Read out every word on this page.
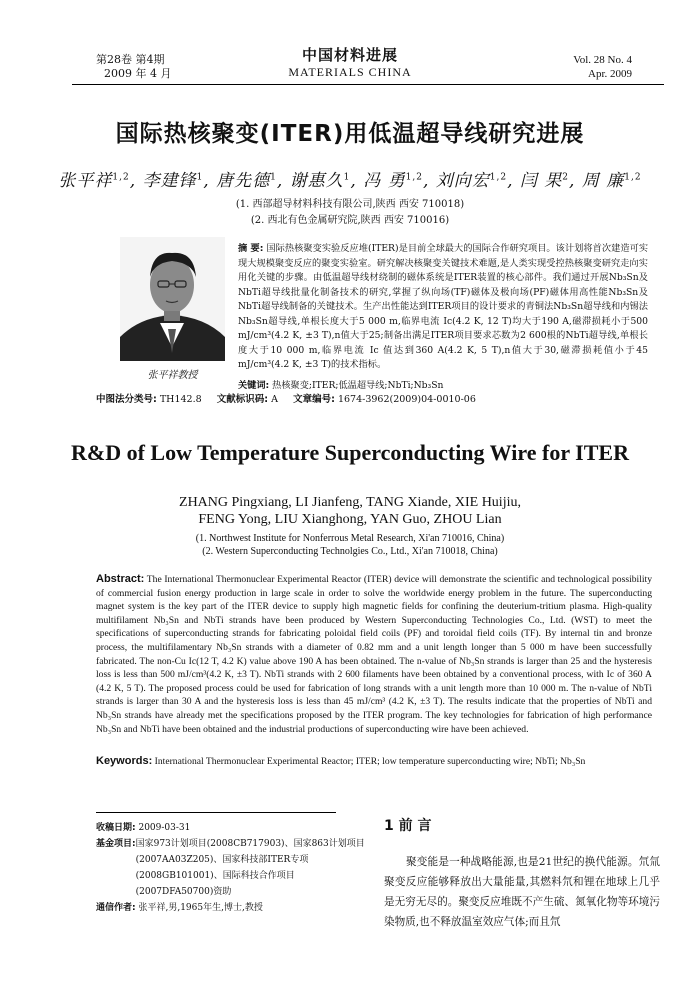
第28卷 第4期
2009 年 4 月
中国材料进展
MATERIALS CHINA
Vol. 28 No. 4
Apr. 2009
国际热核聚变(ITER)用低温超导线研究进展
张平祥$^{1,2}$, 李建锋$^1$, 唐先德$^1$, 谢惠久$^1$, 冯 勇$^{1,2}$, 刘向宏$^{1,2}$, 闫 果$^2$, 周 廉$^{1,2}$
(1. 西部超导材料科技有限公司,陕西 西安 710018)
(2. 西北有色金属研究院,陕西 西安 710016)
张平祥教授
摘 要: 国际热核聚变实验反应堆(ITER)是目前全球最大的国际合作研究项目。该计划将首次建造可实现大规模聚变反应的聚变实验室。研究解决核聚变关键技术难题,是人类实现受控热核聚变研究走向实用化关键的步骤。由低温超导线材绕制的磁体系统是ITER装置的核心部件。我们通过开展Nb₃Sn及NbTi超导线批量化制备技术的研究,掌握了纵向场(TF)磁体及极向场(PF)磁体用高性能Nb₃Sn及NbTi超导线制备的关键技术。生产出性能达到ITER项目的设计要求的青铜法Nb₃Sn超导线和内锡法Nb₃Sn超导线,单根长度大于5 000 m,临界电流 Ic(4.2 K, 12 T)均大于190 A,磁滞损耗小于500 mJ/cm³(4.2 K, ±3 T),n值大于25;制备出满足ITER项目要求芯数为2 600根的NbTi超导线,单根长度大于10 000 m,临界电流 Ic 值达到360 A(4.2 K, 5 T),n值大于30,磁滞损耗值小于45 mJ/cm³(4.2 K, ±3 T)的技术指标。
关键词: 热核聚变;ITER;低温超导线;NbTi;Nb₃Sn
中图法分类号: TH142.8 文献标识码: A 文章编号: 1674-3962(2009)04-0010-06
R&D of Low Temperature Superconducting Wire for ITER
ZHANG Pingxiang, LI Jianfeng, TANG Xiande, XIE Huijiu,
FENG Yong, LIU Xianghong, YAN Guo, ZHOU Lian
(1. Northwest Institute for Nonferrous Metal Research, Xi'an 710016, China)
(2. Western Superconducting Technolgies Co., Ltd., Xi'an 710018, China)
Abstract: The International Thermonuclear Experimental Reactor (ITER) device will demonstrate the scientific and technological possibility of commercial fusion energy production in large scale in order to solve the worldwide energy problem in the future. The superconducting magnet system is the key part of the ITER device to supply high magnetic fields for confining the deuterium-tritium plasma. High-quality multifilament Nb₃Sn and NbTi strands have been produced by Western Superconducting Technologies Co., Ltd. (WST) to meet the specifications of superconducting strands for fabricating poloidal field coils (PF) and toroidal field coils (TF). By internal tin and bronze process, the multifilamentary Nb₃Sn strands with a diameter of 0.82 mm and a unit length longer than 5 000 m have been successfully fabricated. The non-Cu Ic(12 T, 4.2 K) value above 190 A has been obtained. The n-value of Nb₃Sn strands is larger than 25 and the hysteresis loss is less than 500 mJ/cm³(4.2 K, ±3 T). NbTi strands with 2 600 filaments have been obtained by a conventional process, with Ic of 360 A (4.2 K, 5 T). The proposed process could be used for fabrication of long strands with a unit length more than 10 000 m. The n-value of NbTi strands is larger than 30 A and the hysteresis loss is less than 45 mJ/cm³ (4.2 K, ±3 T). The results indicate that the properties of NbTi and Nb₃Sn strands have already met the specifications proposed by the ITER program. The key technologies for fabrication of high performance Nb₃Sn and NbTi have been obtained and the industrial productions of superconducting wire have been achieved.
Keywords: International Thermonuclear Experimental Reactor; ITER; low temperature superconducting wire; NbTi; Nb₃Sn
收稿日期: 2009-03-31
基金项目: 国家973计划项目(2008CB717903)、国家863计划项目(2007AA03Z205)、国家科技部ITER专项(2008GB101001)、国际科技合作项目(2007DFA50700)资助
通信作者: 张平祥,男,1965年生,博士,教授
1 前 言
聚变能是一种战略能源,也是21世纪的换代能源。氘氚聚变反应能够释放出大量能量,其燃料氘和锂在地球上几乎是无穷无尽的。聚变反应堆既不产生硫、氮氧化物等环境污染物质,也不释放温室效应气体;而且氘
